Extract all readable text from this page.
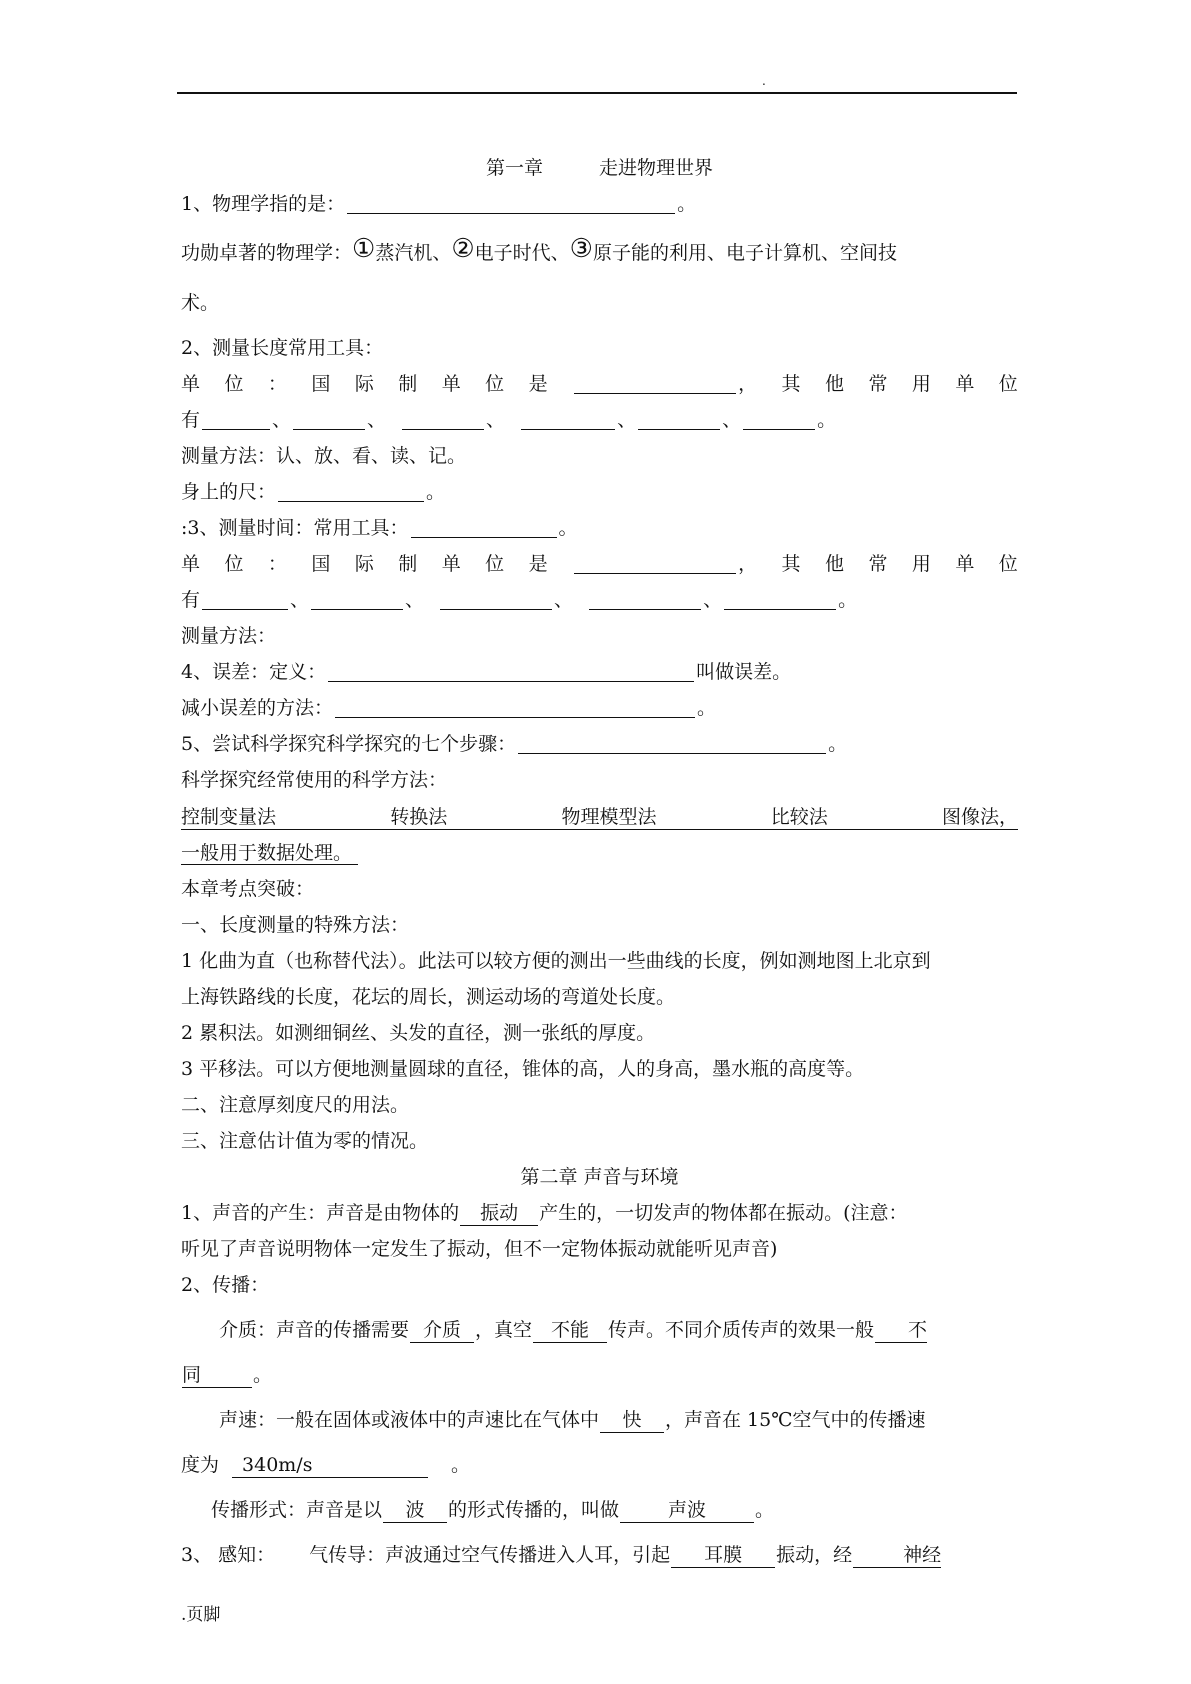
.
第一章	走进物理世界
1、物理学指的是：	。
功勋卓著的物理学：①蒸汽机、②电子时代、③原子能的利用、电子计算机、空间技
术。
2、测量长度常用工具：
单 位 ： 国 际 制 单 位 是	， 其 他 常 用 单 位
有	、	、	、	、	、	。
测量方法：认、放、看、读、记。
身上的尺：	。
:3、测量时间：常用工具：	。
单 位 ： 国 际 制 单 位 是	， 其 他 常 用 单 位
有	、	、	、	、	。
测量方法：
4、误差：定义：	叫做误差。
减小误差的方法：	。
5、尝试科学探究科学探究的七个步骤：	。
科学探究经常使用的科学方法：
控制变量法	转换法	物理模型法	比较法	图像法，
一般用于数据处理。
本章考点突破：
一、长度测量的特殊方法：
1 化曲为直（也称替代法）。此法可以较方便的测出一些曲线的长度，例如测地图上北京到
上海铁路线的长度，花坛的周长，测运动场的弯道处长度。
2 累积法。如测细铜丝、头发的直径，测一张纸的厚度。
3 平移法。可以方便地测量圆球的直径，锥体的高，人的身高，墨水瓶的高度等。
二、注意厚刻度尺的用法。
三、注意估计值为零的情况。
第二章 声音与环境
1、声音的产生：声音是由物体的 振动 产生的，一切发声的物体都在振动。(注意：
听见了声音说明物体一定发生了振动，但不一定物体振动就能听见声音)
2、传播：
介质：声音的传播需要 介质 ，真空 不能 传声。不同介质传声的效果一般 不
同	。
声速：一般在固体或液体中的声速比在气体中 快 ，声音在 15℃空气中的传播速
度为 340m/s	。
传播形式：声音是以 波 的形式传播的，叫做	声波	。
3、 感知： 气传导：声波通过空气传播进入人耳，引起 耳膜 振动，经	神经
.页脚
